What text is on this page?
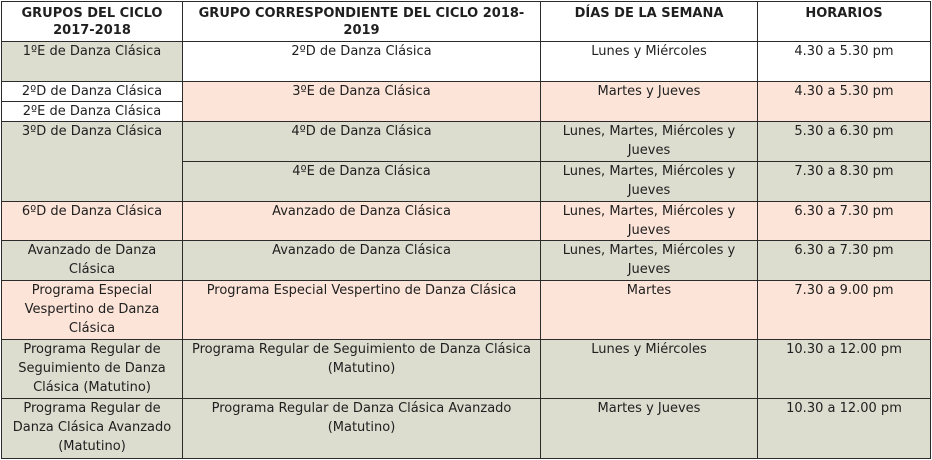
GRUPOS DEL CICLO 2017-2018	GRUPO CORRESPONDIENTE DEL CICLO 2018-2019	DÍAS DE LA SEMANA	HORARIOS
1ºE de Danza Clásica	2ºD de Danza Clásica	Lunes y Miércoles	4.30 a 5.30 pm
2ºD de Danza Clásica	3ºE de Danza Clásica	Martes y Jueves	4.30 a 5.30 pm
2ºE de Danza Clásica			
3ºD de Danza Clásica	4ºD de Danza Clásica	Lunes, Martes, Miércoles y Jueves	5.30 a 6.30 pm
	4ºE de Danza Clásica	Lunes, Martes, Miércoles y Jueves	7.30 a 8.30 pm
6ºD de Danza Clásica	Avanzado de Danza Clásica	Lunes, Martes, Miércoles y Jueves	6.30 a 7.30 pm
Avanzado de Danza Clásica	Avanzado de Danza Clásica	Lunes, Martes, Miércoles y Jueves	6.30 a 7.30 pm
Programa Especial Vespertino de Danza Clásica	Programa Especial Vespertino de Danza Clásica	Martes	7.30 a 9.00 pm
Programa Regular de Seguimiento de Danza Clásica (Matutino)	Programa Regular de Seguimiento de Danza Clásica (Matutino)	Lunes y Miércoles	10.30 a 12.00 pm
Programa Regular de Danza Clásica Avanzado (Matutino)	Programa Regular de Danza Clásica Avanzado (Matutino)	Martes y Jueves	10.30 a 12.00 pm
